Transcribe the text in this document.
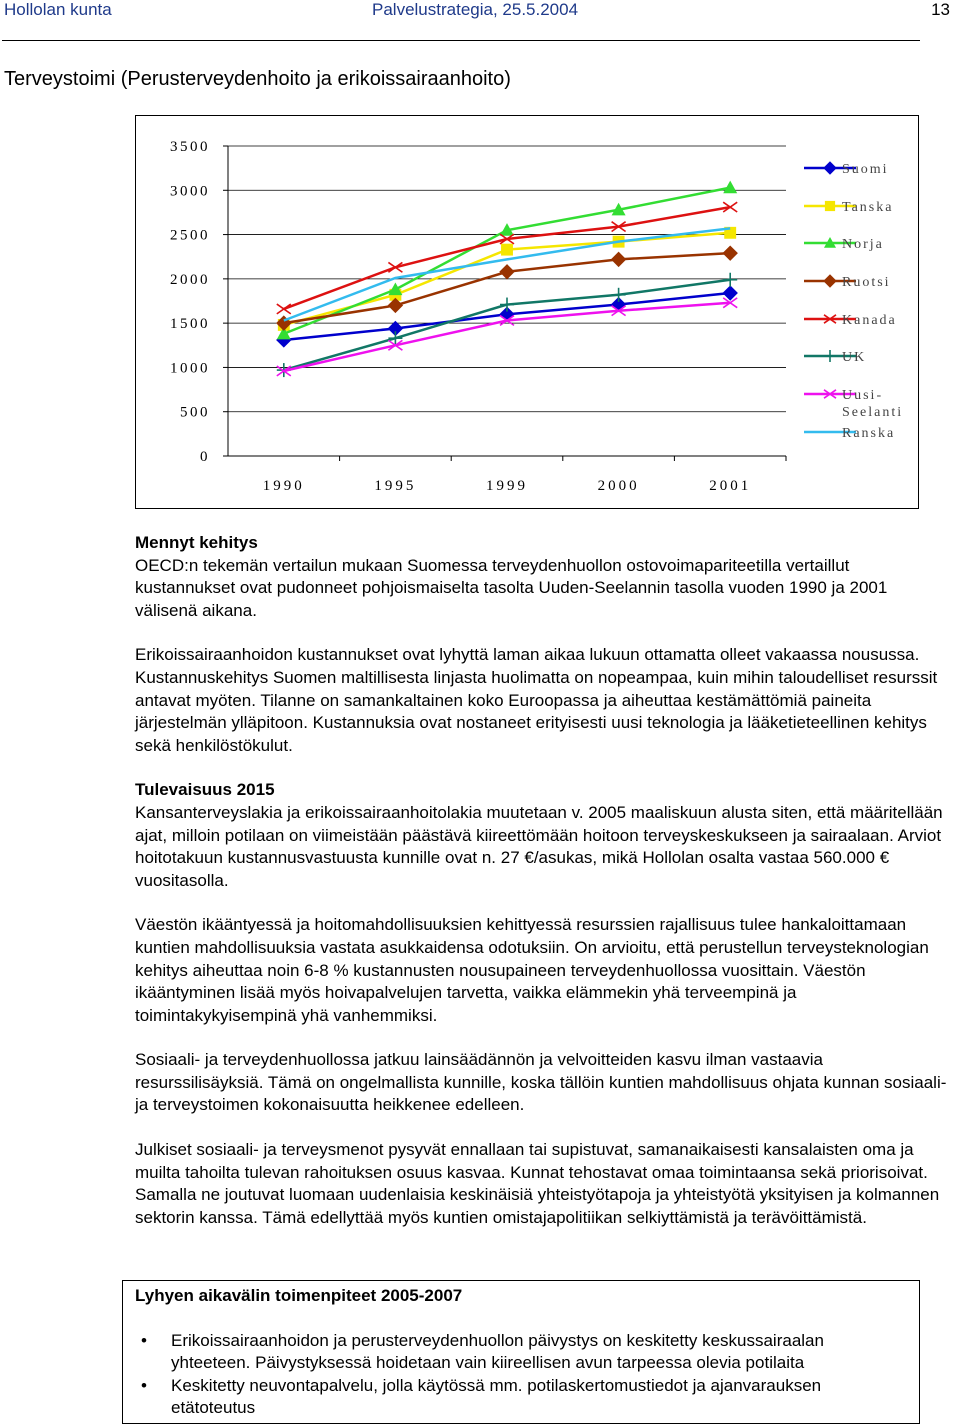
Hollolan kunta	Palvelustrategia, 25.5.2004	13
Terveystoimi (Perusterveydenhoito ja erikoissairaanhoito)
3500
3000
2500
2000
1500
1000
500
0
1990	1995	1999	2000	2001
Suomi
Tanska
Norja
Ruotsi
Kanada
UK
Uusi-
Seelanti
Ranska
Mennyt kehitys

OECD:n tekemän vertailun mukaan Suomessa terveydenhuollon ostovoimapariteetilla vertaillut kustannukset ovat pudonneet pohjoismaiselta tasolta Uuden-Seelannin tasolla vuoden 1990 ja 2001 välisenä aikana.

Erikoissairaanhoidon kustannukset ovat lyhyttä laman aikaa lukuun ottamatta olleet vakaassa nousussa. Kustannuskehitys Suomen maltillisesta linjasta huolimatta on nopeampaa, kuin mihin taloudelliset resurssit antavat myöten. Tilanne on samankaltainen koko Euroopassa ja aiheuttaa kestämättömiä paineita järjestelmän ylläpitoon. Kustannuksia ovat nostaneet erityisesti uusi teknologia ja lääketieteellinen kehitys sekä henkilöstökulut.

Tulevaisuus 2015

Kansanterveyslakia ja erikoissairaanhoitolakia muutetaan v. 2005 maaliskuun alusta siten, että määritellään ajat, milloin potilaan on viimeistään päästävä kiireettömään hoitoon terveyskeskukseen ja sairaalaan. Arviot hoitotakuun kustannusvastuusta kunnille ovat n. 27 €/asukas, mikä Hollolan osalta vastaa 560.000 € vuositasolla.

Väestön ikääntyessä ja hoitomahdollisuuksien kehittyessä resurssien rajallisuus tulee hankaloittamaan kuntien mahdollisuuksia vastata asukkaidensa odotuksiin. On arvioitu, että perustellun terveysteknologian kehitys aiheuttaa noin 6-8 % kustannusten nousupaineen terveydenhuollossa vuosittain. Väestön ikääntyminen lisää myös hoivapalvelujen tarvetta, vaikka elämmekin yhä terveempinä ja toimintakykyisempinä yhä vanhemmiksi.

Sosiaali- ja terveydenhuollossa jatkuu lainsäädännön ja velvoitteiden kasvu ilman vastaavia resurssilisäyksiä. Tämä on ongelmallista kunnille, koska tällöin kuntien mahdollisuus ohjata kunnan sosiaali- ja terveystoimen kokonaisuutta heikkenee edelleen.

Julkiset sosiaali- ja terveysmenot pysyvät ennallaan tai supistuvat, samanaikaisesti kansalaisten oma ja muilta tahoilta tulevan rahoituksen osuus kasvaa. Kunnat tehostavat omaa toimintaansa sekä priorisoivat. Samalla ne joutuvat luomaan uudenlaisia keskinäisiä yhteistyötapoja ja yhteistyötä yksityisen ja kolmannen sektorin kanssa. Tämä edellyttää myös kuntien omistajapolitiikan selkiyttämistä ja terävöittämistä.

Lyhyen aikavälin toimenpiteet 2005-2007
• Erikoissairaanhoidon ja perusterveydenhuollon päivystys on keskitetty keskussairaalan yhteeteen. Päivystyksessä hoidetaan vain kiireellisen avun tarpeessa olevia potilaita
• Keskitetty neuvontapalvelu, jolla käytössä mm. potilaskertomustiedot ja ajanvarauksen etätoteutus
